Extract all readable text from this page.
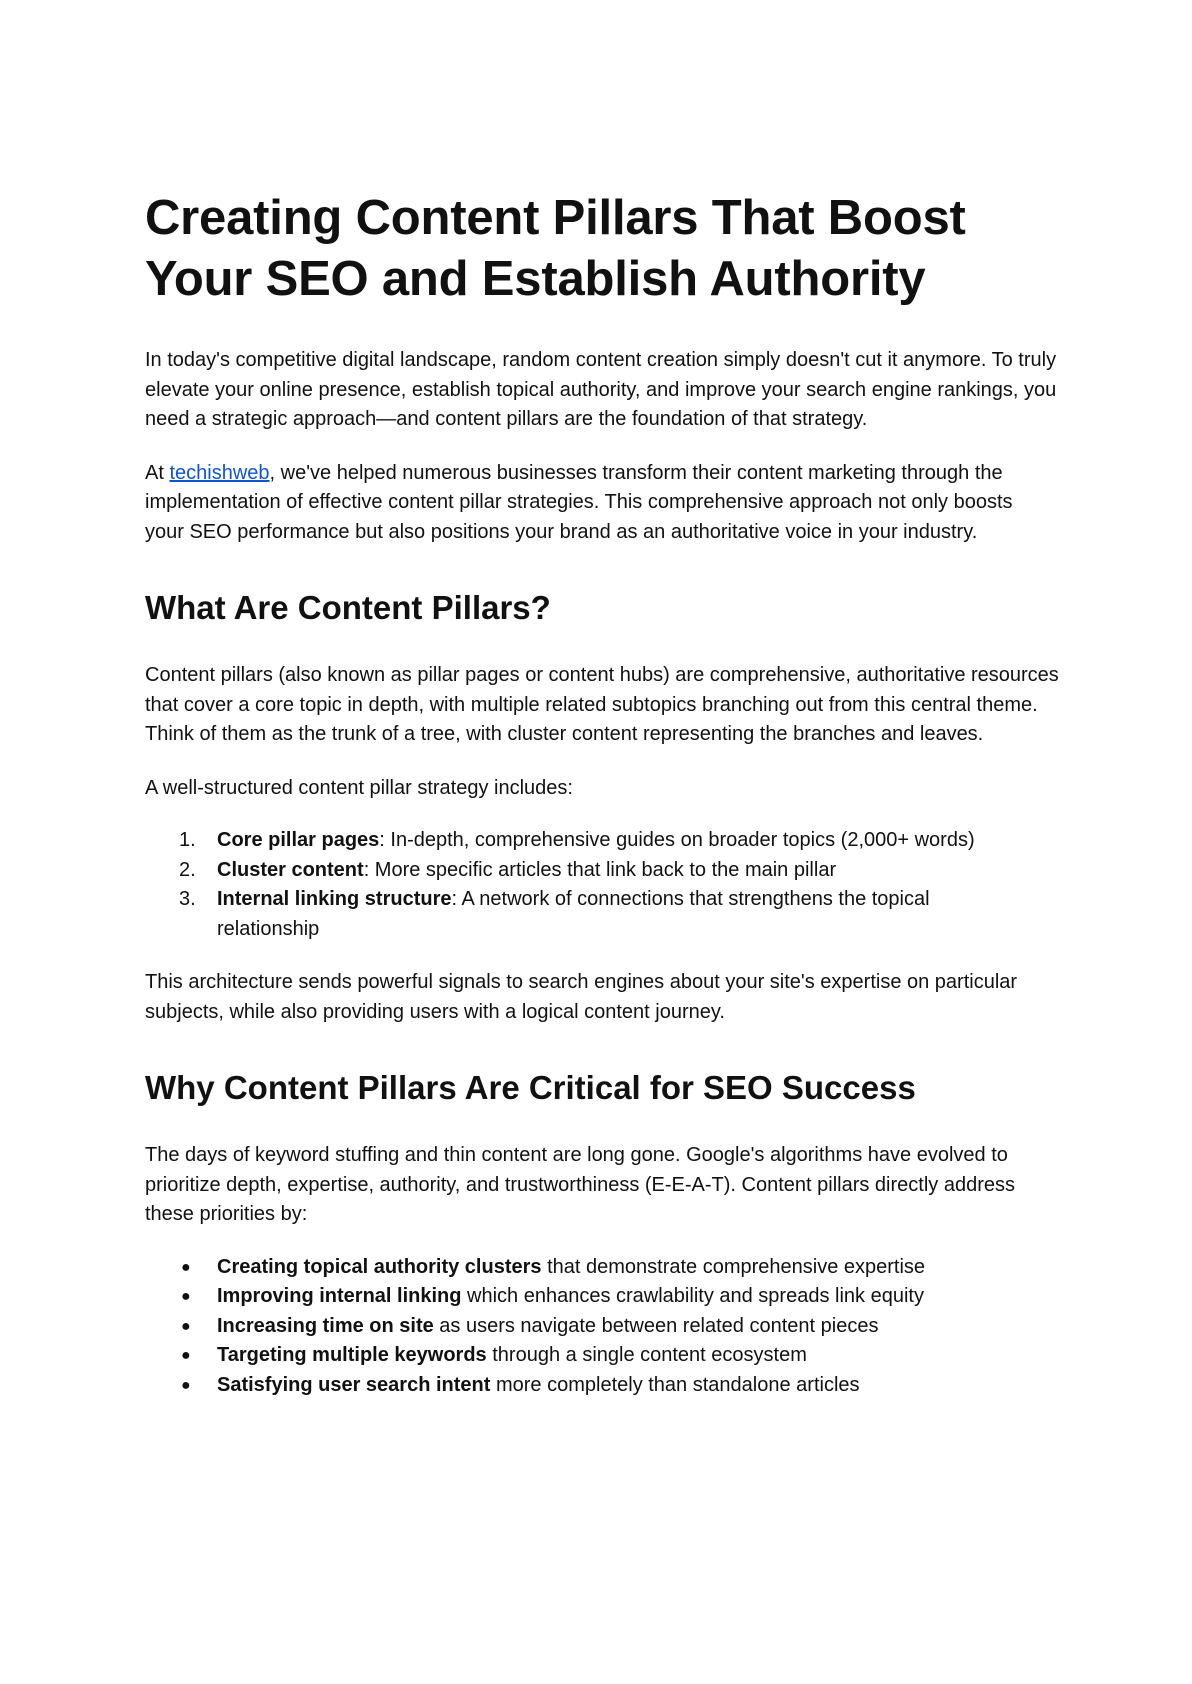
Creating Content Pillars That Boost Your SEO and Establish Authority

In today's competitive digital landscape, random content creation simply doesn't cut it anymore. To truly elevate your online presence, establish topical authority, and improve your search engine rankings, you need a strategic approach—and content pillars are the foundation of that strategy.

At techishweb, we've helped numerous businesses transform their content marketing through the implementation of effective content pillar strategies. This comprehensive approach not only boosts your SEO performance but also positions your brand as an authoritative voice in your industry.

What Are Content Pillars?

Content pillars (also known as pillar pages or content hubs) are comprehensive, authoritative resources that cover a core topic in depth, with multiple related subtopics branching out from this central theme. Think of them as the trunk of a tree, with cluster content representing the branches and leaves.

A well-structured content pillar strategy includes:

1. Core pillar pages: In-depth, comprehensive guides on broader topics (2,000+ words)
2. Cluster content: More specific articles that link back to the main pillar
3. Internal linking structure: A network of connections that strengthens the topical relationship

This architecture sends powerful signals to search engines about your site's expertise on particular subjects, while also providing users with a logical content journey.

Why Content Pillars Are Critical for SEO Success

The days of keyword stuffing and thin content are long gone. Google's algorithms have evolved to prioritize depth, expertise, authority, and trustworthiness (E-E-A-T). Content pillars directly address these priorities by:

● Creating topical authority clusters that demonstrate comprehensive expertise
● Improving internal linking which enhances crawlability and spreads link equity
● Increasing time on site as users navigate between related content pieces
● Targeting multiple keywords through a single content ecosystem
● Satisfying user search intent more completely than standalone articles
